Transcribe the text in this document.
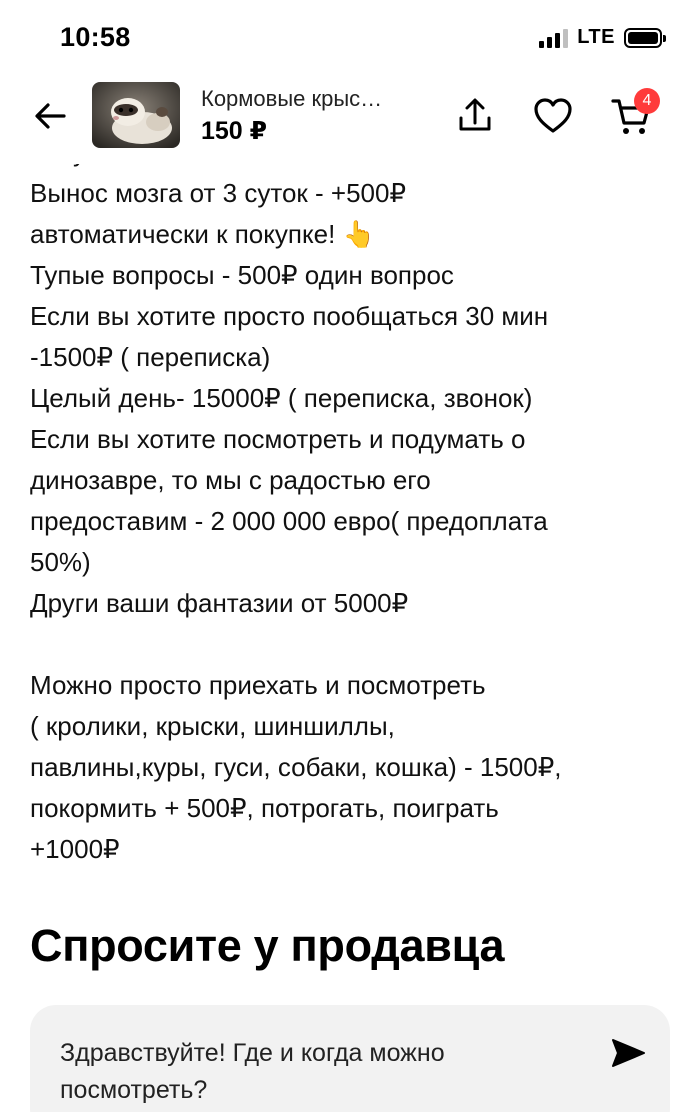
10:58	LTE
Вынос мозга от 3 суток - +500₽
автоматически к покупке! 👆
Тупые вопросы - 500₽ один вопрос
Если вы хотите просто пообщаться 30 мин
-1500₽ ( переписка)
Целый день- 15000₽ ( переписка, звонок)
Если вы хотите посмотреть и подумать о
динозавре, то мы с радостью его
предоставим - 2 000 000 евро( предоплата
50%)
Други ваши фантазии от 5000₽
Можно просто приехать и посмотреть
( кролики, крыски, шиншиллы,
павлины,куры, гуси, собаки, кошка) - 1500₽,
покормить + 500₽, потрогать, поиграть
+1000₽
Кормовые крыс…
150 ₽
4
Спросите у продавца
Здравствуйте! Где и когда можно посмотреть?
